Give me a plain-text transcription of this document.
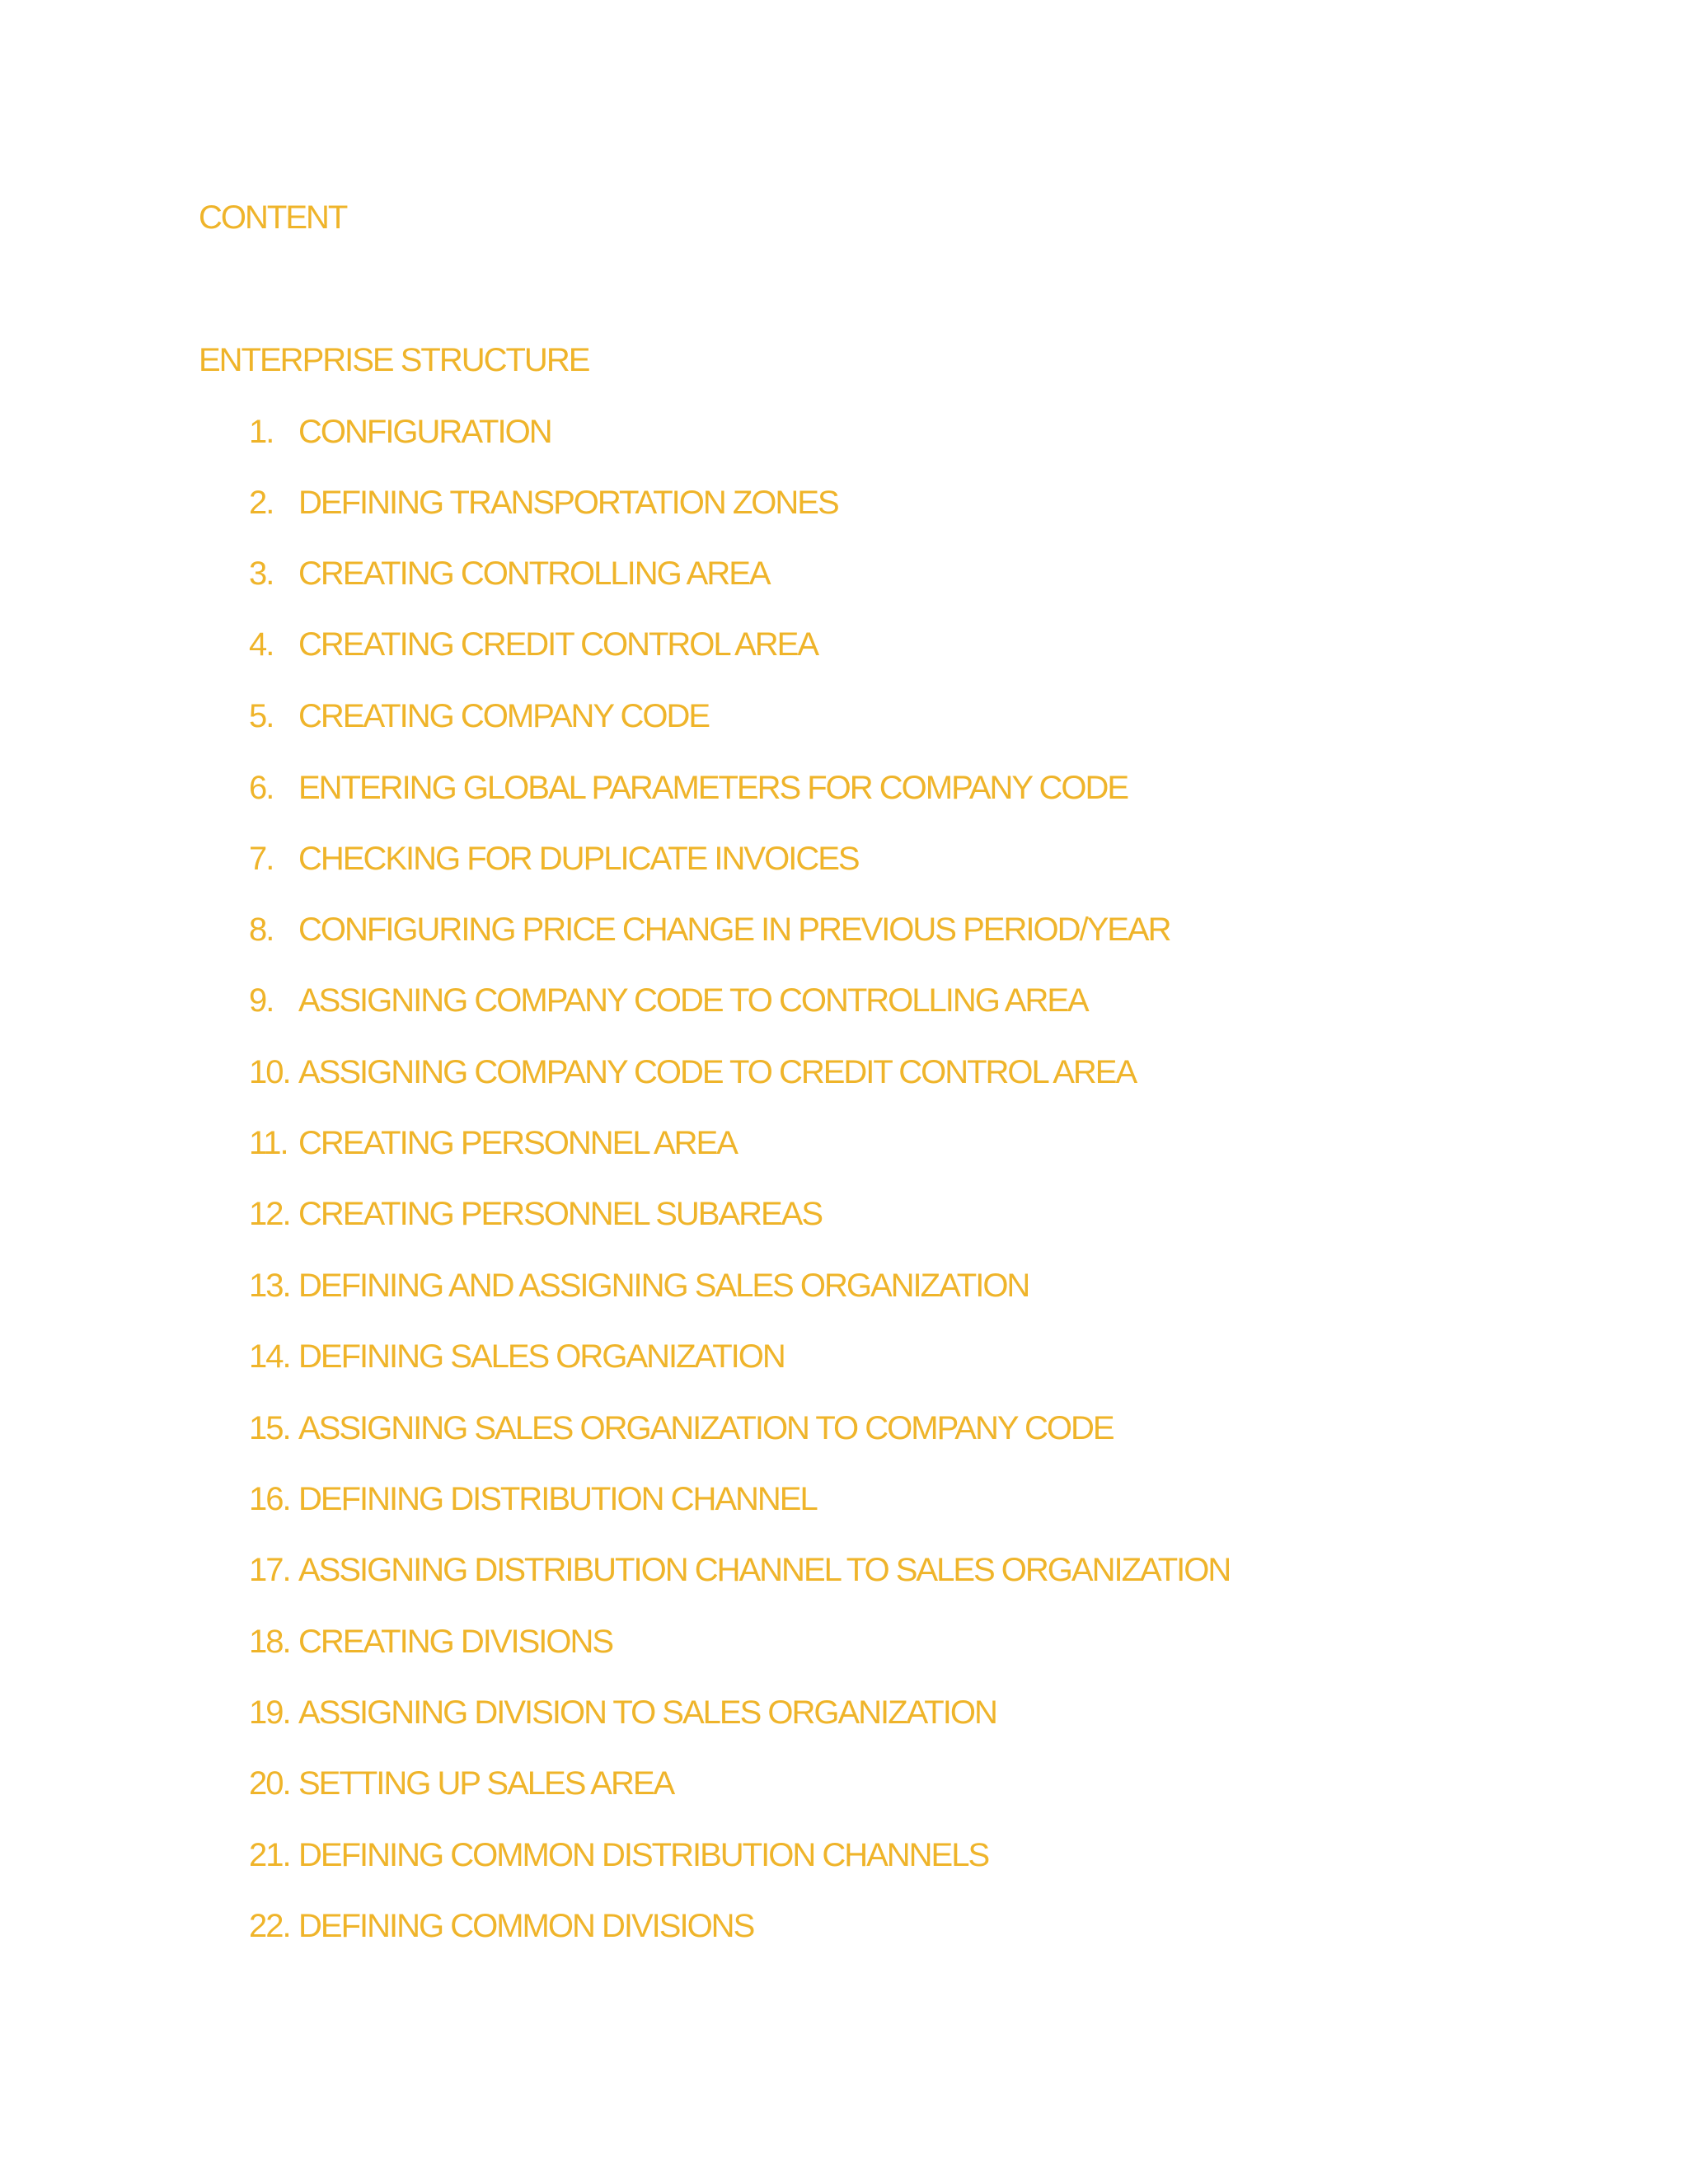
CONTENT
ENTERPRISE STRUCTURE
1. CONFIGURATION
2. DEFINING TRANSPORTATION ZONES
3. CREATING CONTROLLING AREA
4. CREATING CREDIT CONTROL AREA
5. CREATING COMPANY CODE
6. ENTERING GLOBAL PARAMETERS FOR COMPANY CODE
7. CHECKING FOR DUPLICATE INVOICES
8. CONFIGURING PRICE CHANGE IN PREVIOUS PERIOD/YEAR
9. ASSIGNING COMPANY CODE TO CONTROLLING AREA
10. ASSIGNING COMPANY CODE TO CREDIT CONTROL AREA
11. CREATING PERSONNEL AREA
12. CREATING PERSONNEL SUBAREAS
13. DEFINING AND ASSIGNING SALES ORGANIZATION
14. DEFINING SALES ORGANIZATION
15. ASSIGNING SALES ORGANIZATION TO COMPANY CODE
16. DEFINING DISTRIBUTION CHANNEL
17. ASSIGNING DISTRIBUTION CHANNEL TO SALES ORGANIZATION
18. CREATING DIVISIONS
19. ASSIGNING DIVISION TO SALES ORGANIZATION
20. SETTING UP SALES AREA
21. DEFINING COMMON DISTRIBUTION CHANNELS
22. DEFINING COMMON DIVISIONS
